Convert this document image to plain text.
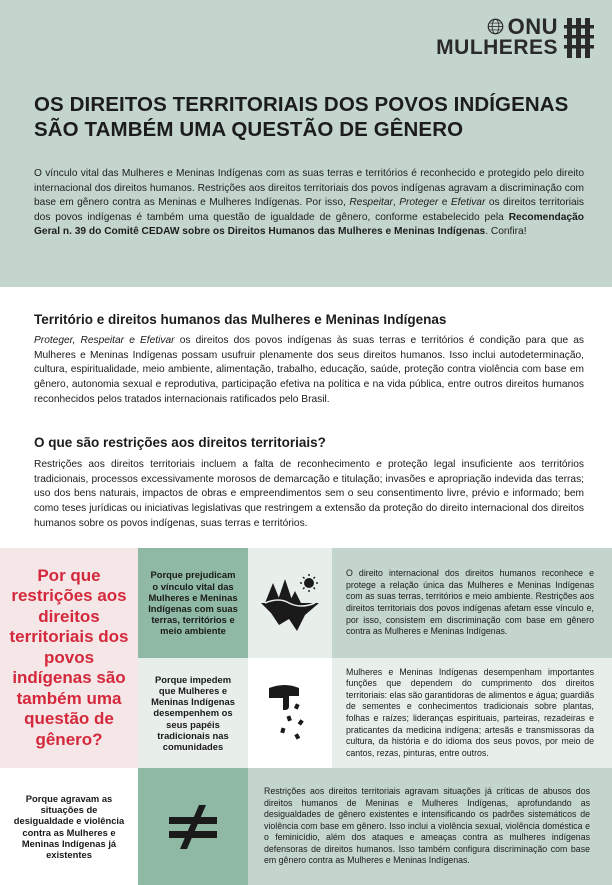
ONU
MULHERES
OS DIREITOS TERRITORIAIS DOS POVOS INDÍGENAS SÃO TAMBÉM UMA QUESTÃO DE GÊNERO

O vínculo vital das Mulheres e Meninas Indígenas com as suas terras e territórios é reconhecido e protegido pelo direito internacional dos direitos humanos. Restrições aos direitos territoriais dos povos indígenas agravam a discriminação com base em gênero contra as Meninas e Mulheres Indígenas. Por isso, Respeitar, Proteger e Efetivar os direitos territoriais dos povos indígenas é também uma questão de igualdade de gênero, conforme estabelecido pela Recomendação Geral n. 39 do Comitê CEDAW sobre os Direitos Humanos das Mulheres e Meninas Indígenas. Confira!

Território e direitos humanos das Mulheres e Meninas Indígenas

Proteger, Respeitar e Efetivar os direitos dos povos indígenas às suas terras e territórios é condição para que as Mulheres e Meninas Indígenas possam usufruir plenamente dos seus direitos humanos. Isso inclui autodeterminação, cultura, espiritualidade, meio ambiente, alimentação, trabalho, educação, saúde, proteção contra violência com base em gênero, autonomia sexual e reprodutiva, participação efetiva na política e na vida pública, entre outros direitos humanos reconhecidos pelos tratados internacionais ratificados pelo Brasil.

O que são restrições aos direitos territoriais?

Restrições aos direitos territoriais incluem a falta de reconhecimento e proteção legal insuficiente aos territórios tradicionais, processos excessivamente morosos de demarcação e titulação; invasões e apropriação indevida das terras; uso dos bens naturais, impactos de obras e empreendimentos sem o seu consentimento livre, prévio e informado; bem como teses jurídicas ou iniciativas legislativas que restringem a extensão da proteção do direito internacional dos direitos humanos sobre os povos indígenas, suas terras e territórios.

Por que restrições aos direitos territoriais dos povos indígenas são também uma questão de gênero?
Porque prejudicam o vínculo vital das Mulheres e Meninas Indígenas com suas terras, territórios e meio ambiente
O direito internacional dos direitos humanos reconhece e protege a relação única das Mulheres e Meninas Indígenas com as suas terras, territórios e meio ambiente. Restrições aos direitos territoriais dos povos indígenas afetam esse vínculo e, por isso, consistem em discriminação com base em gênero contra as Mulheres e Meninas Indígenas.
Porque impedem que Mulheres e Meninas Indígenas desempenhem os seus papéis tradicionais nas comunidades
Mulheres e Meninas Indígenas desempenham importantes funções que dependem do cumprimento dos direitos territoriais: elas são garantidoras de alimentos e água; guardiãs de sementes e conhecimentos tradicionais sobre plantas, folhas e raízes; lideranças espirituais, parteiras, rezadeiras e praticantes da medicina indígena; artesãs e transmissoras da cultura, da história e do idioma dos seus povos, por meio de cantos, rezas, pinturas, entre outros.
Porque agravam as situações de desigualdade e violência contra as Mulheres e Meninas Indígenas já existentes
Restrições aos direitos territoriais agravam situações já críticas de abusos dos direitos humanos de Meninas e Mulheres Indígenas, aprofundando as desigualdades de gênero existentes e intensificando os padrões sistemáticos de violência com base em gênero. Isso inclui a violência sexual, violência doméstica e o feminicídio, além dos ataques e ameaças contra as mulheres indígenas defensoras de direitos humanos. Isso também configura discriminação com base em gênero contra as Mulheres e Meninas Indígenas.
